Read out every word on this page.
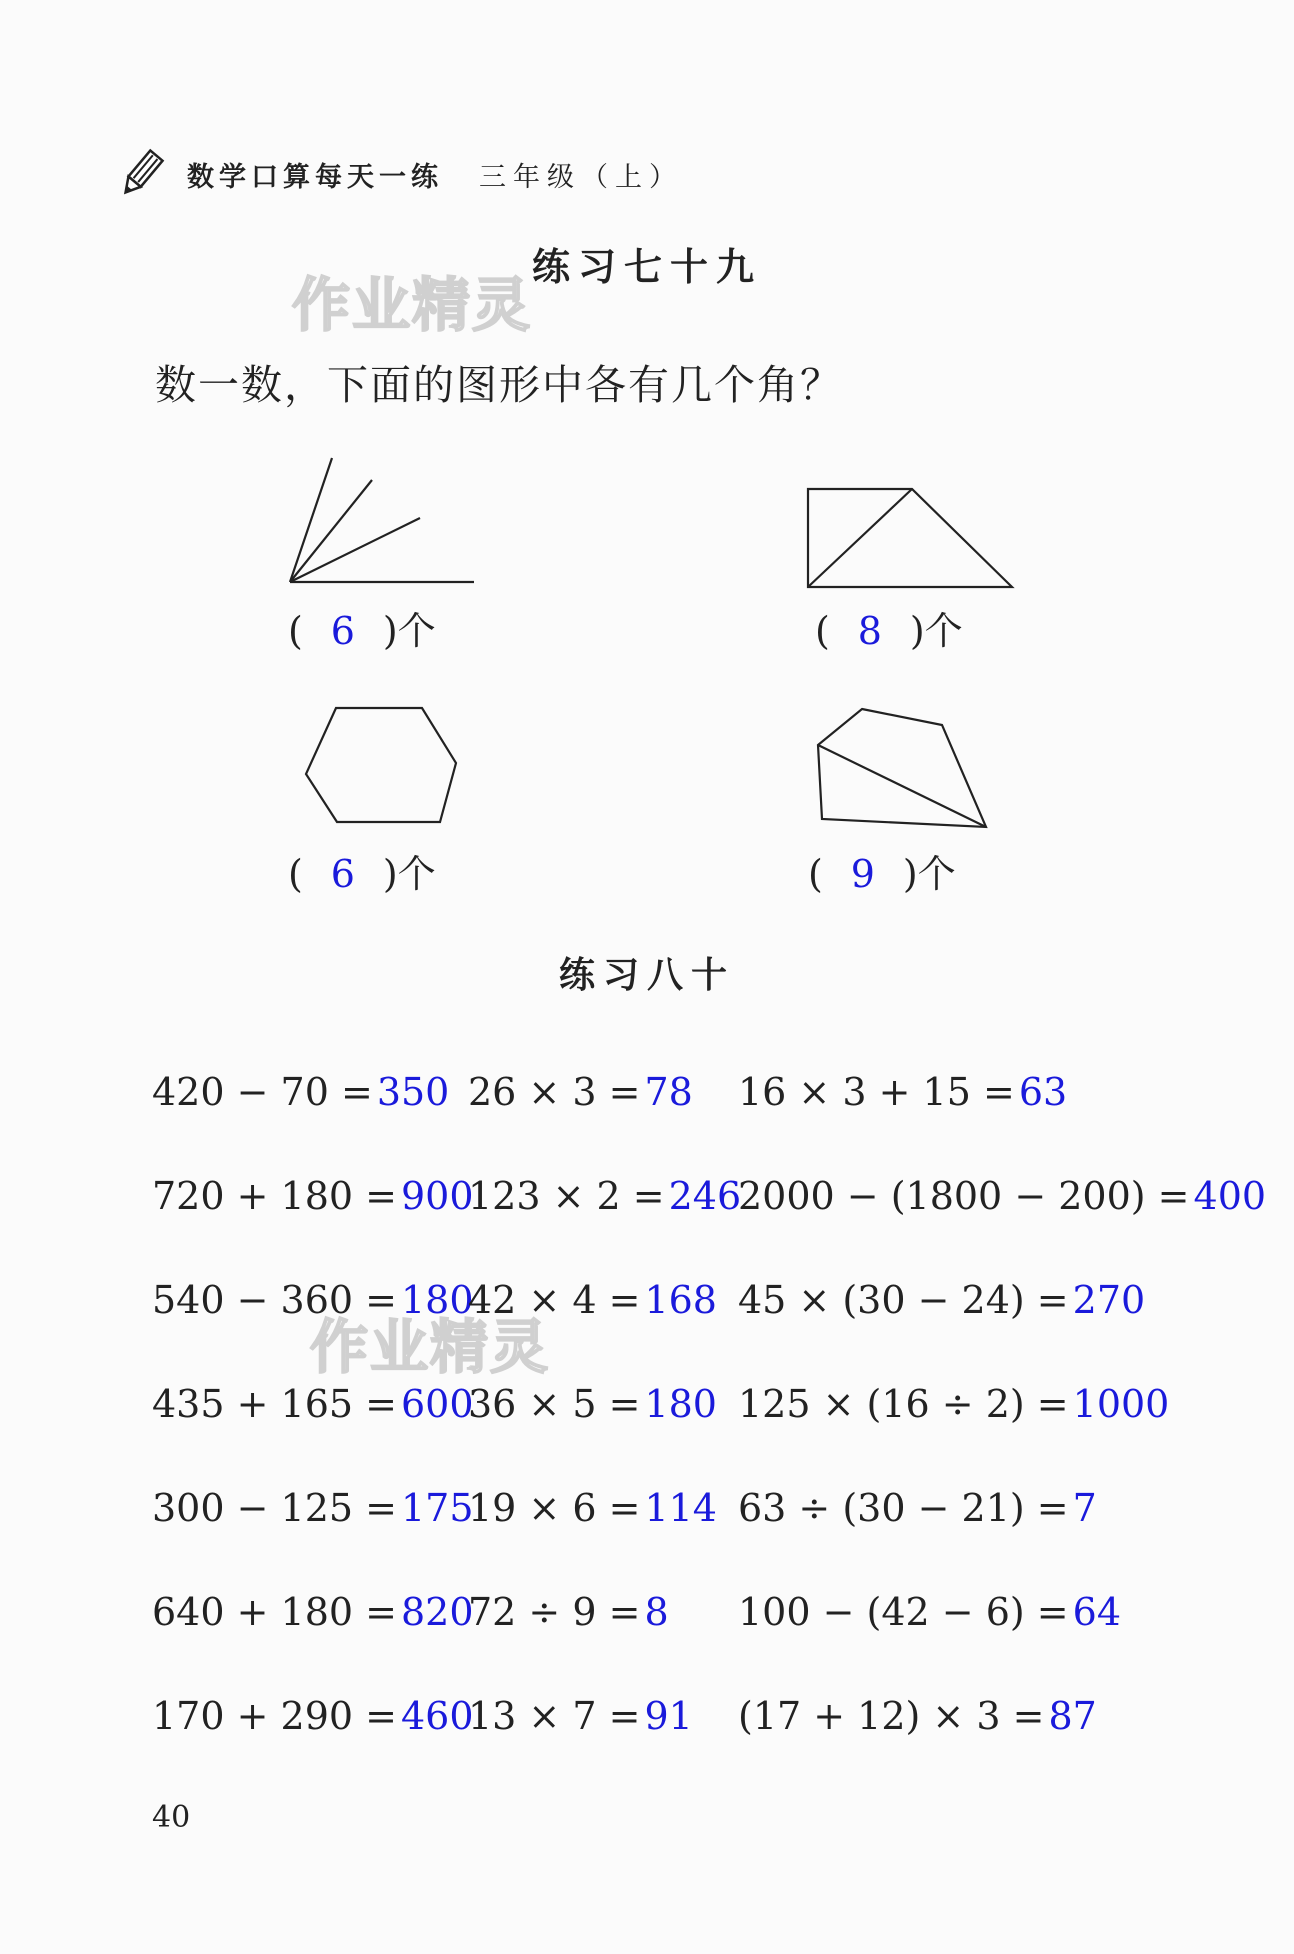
数学口算每天一练 三年级（上）
练习七十九
作业精灵
数一数，下面的图形中各有几个角？
( 6 )个	( 8 )个
( 6 )个	( 9 )个
练习八十
作业精灵
420 − 70 = 350 26 × 3 = 78 16 × 3 + 15 = 63
720 + 180 = 900
123 × 2 = 246
2000 − (1800 − 200) = 400
540 − 360 = 180
42 × 4 = 168 45 × (30 − 24) = 270
435 + 165 = 600
36 × 5 = 180 125 × (16 ÷ 2) = 1000
300 − 125 = 175
19 × 6 = 114 63 ÷ (30 − 21) = 7
640 + 180 = 820
72 ÷ 9 = 8 100 − (42 − 6) = 64
170 + 290 = 460
13 × 7 = 91 (17 + 12) × 3 = 87
40
